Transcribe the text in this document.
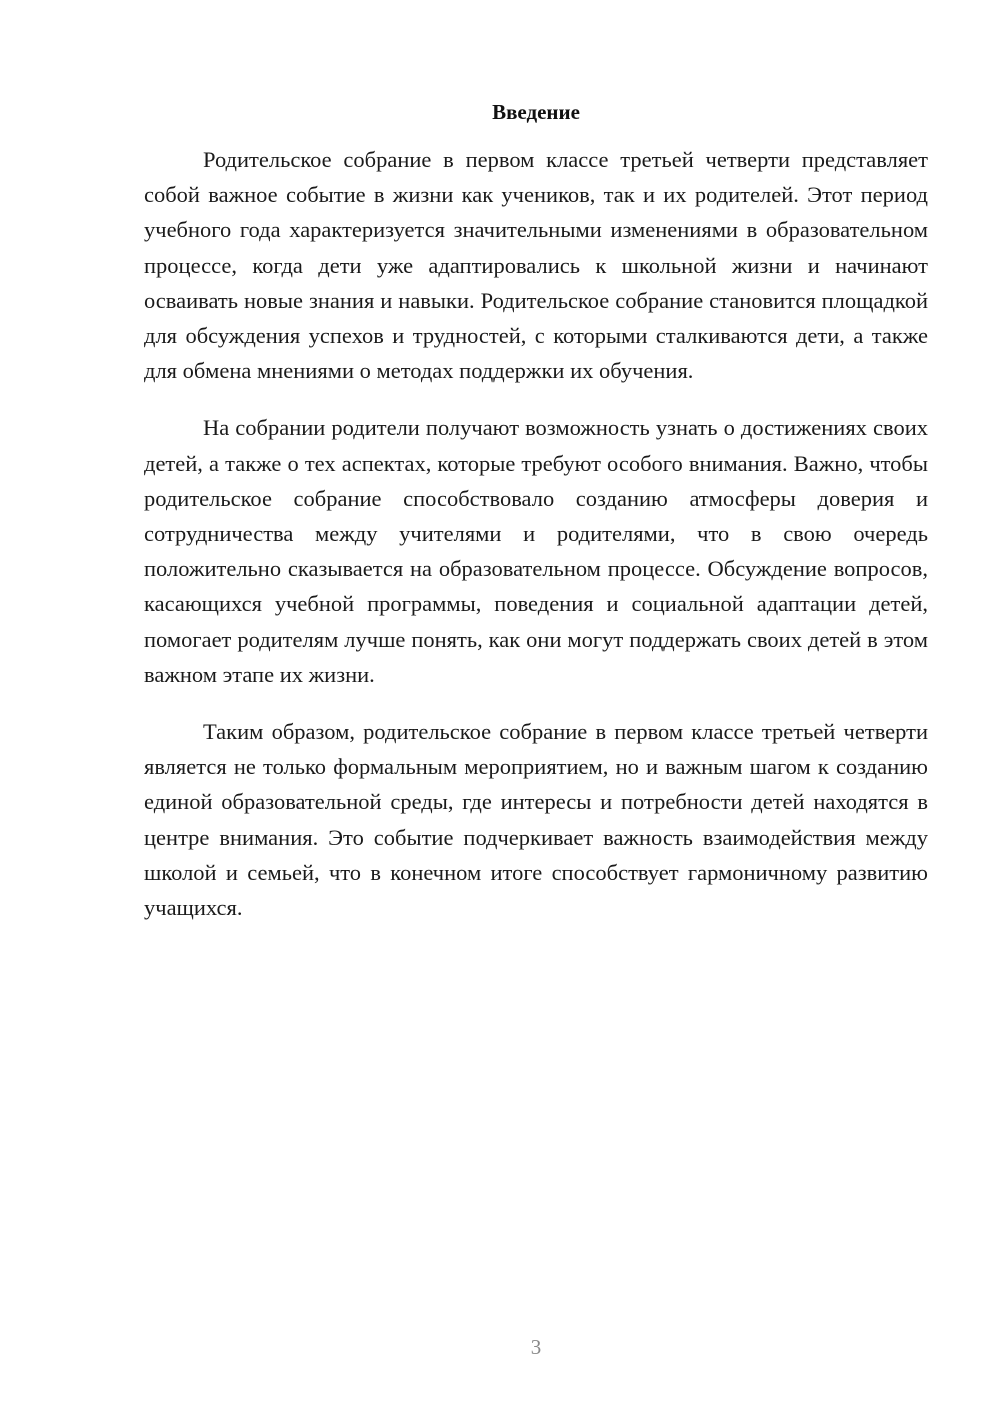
Введение

Родительское собрание в первом классе третьей четверти представляет собой важное событие в жизни как учеников, так и их родителей. Этот период учебного года характеризуется значительными изменениями в образовательном процессе, когда дети уже адаптировались к школьной жизни и начинают осваивать новые знания и навыки. Родительское собрание становится площадкой для обсуждения успехов и трудностей, с которыми сталкиваются дети, а также для обмена мнениями о методах поддержки их обучения.

На собрании родители получают возможность узнать о достижениях своих детей, а также о тех аспектах, которые требуют особого внимания. Важно, чтобы родительское собрание способствовало созданию атмосферы доверия и сотрудничества между учителями и родителями, что в свою очередь положительно сказывается на образовательном процессе. Обсуждение вопросов, касающихся учебной программы, поведения и социальной адаптации детей, помогает родителям лучше понять, как они могут поддержать своих детей в этом важном этапе их жизни.

Таким образом, родительское собрание в первом классе третьей четверти является не только формальным мероприятием, но и важным шагом к созданию единой образовательной среды, где интересы и потребности детей находятся в центре внимания. Это событие подчеркивает важность взаимодействия между школой и семьей, что в конечном итоге способствует гармоничному развитию учащихся.

3
